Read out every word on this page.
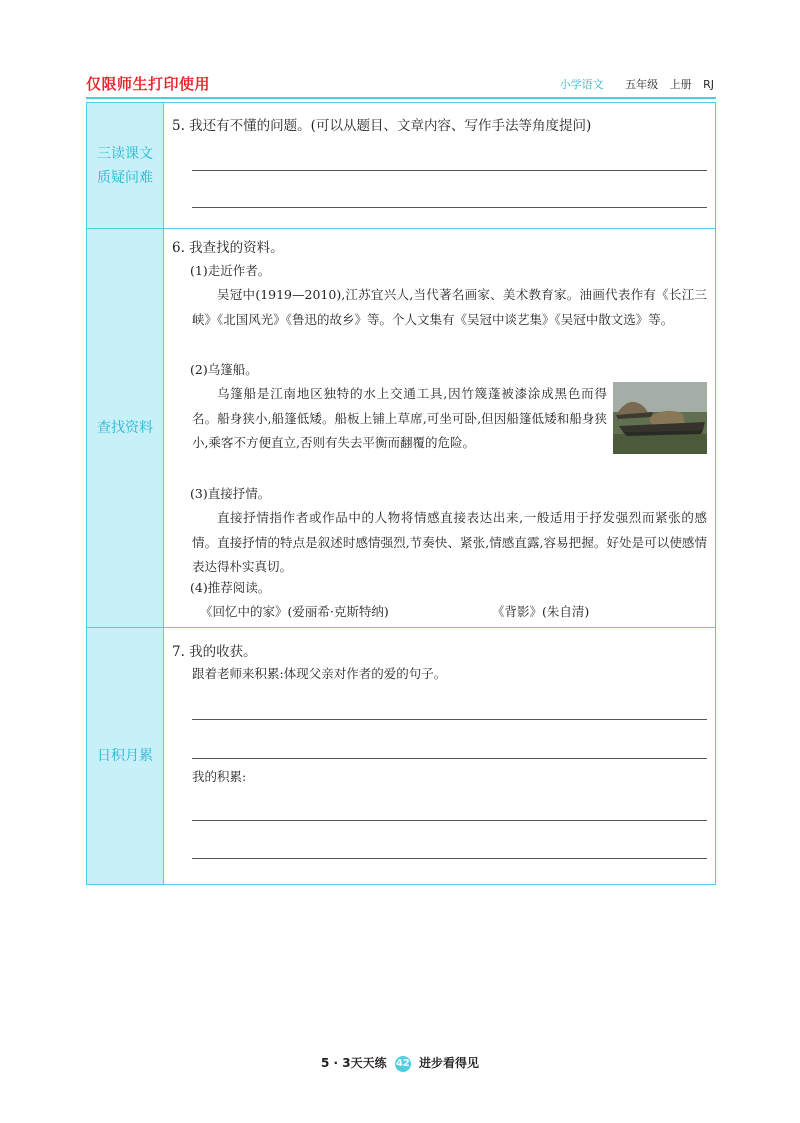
仅限师生打印使用	小学语文 五年级 上册 RJ
三读课文
质疑问难
5. 我还有不懂的问题。(可以从题目、文章内容、写作手法等角度提问)
查找资料
6. 我查找的资料。
(1)走近作者。
吴冠中(1919—2010),江苏宜兴人,当代著名画家、美术教育家。油画代表作有《长江三峡》《北国风光》《鲁迅的故乡》等。个人文集有《吴冠中谈艺集》《吴冠中散文选》等。
(2)乌篷船。
乌篷船是江南地区独特的水上交通工具,因竹篾蓬被漆涂成黑色而得名。船身狭小,船篷低矮。船板上铺上草席,可坐可卧,但因船篷低矮和船身狭小,乘客不方便直立,否则有失去平衡而翻覆的危险。
(3)直接抒情。
直接抒情指作者或作品中的人物将情感直接表达出来,一般适用于抒发强烈而紧张的感情。直接抒情的特点是叙述时感情强烈,节奏快、紧张,情感直露,容易把握。好处是可以使感情表达得朴实真切。
(4)推荐阅读。
《回忆中的家》(爱丽希·克斯特纳)	《背影》(朱自清)
日积月累
7. 我的收获。
跟着老师来积累:体现父亲对作者的爱的句子。
我的积累:
5 · 3天天练 42 进步看得见
